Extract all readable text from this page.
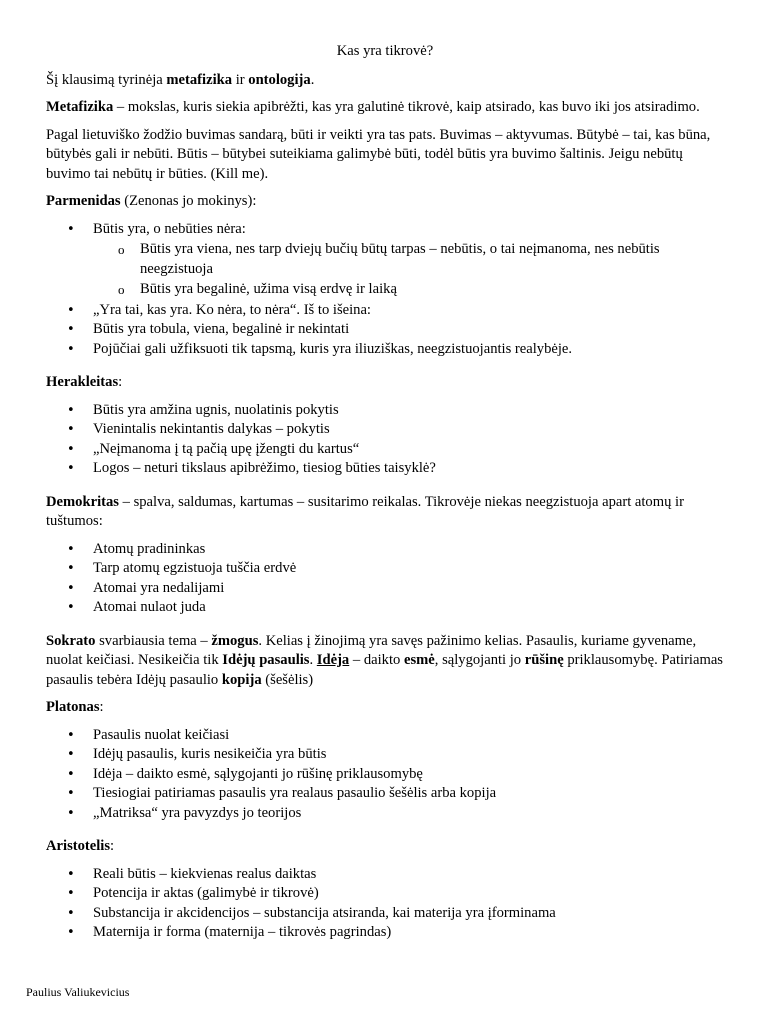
Kas yra tikrovė?

Šį klausimą tyrinėja metafizika ir ontologija.

Metafizika – mokslas, kuris siekia apibrėžti, kas yra galutinė tikrovė, kaip atsirado, kas buvo iki jos atsiradimo.

Pagal lietuviško žodžio buvimas sandarą, būti ir veikti yra tas pats. Buvimas – aktyvumas. Būtybė – tai, kas būna, būtybės gali ir nebūti. Būtis – būtybei suteikiama galimybė būti, todėl būtis yra buvimo šaltinis. Jeigu nebūtų buvimo tai nebūtų ir būties. (Kill me).

Parmenidas (Zenonas jo mokinys):

• Būtis yra, o nebūties nėra:
o Būtis yra viena, nes tarp dviejų bučių būtų tarpas – nebūtis, o tai neįmanoma, nes nebūtis neegzistuoja
o Būtis yra begalinė, užima visą erdvę ir laiką
• „Yra tai, kas yra. Ko nėra, to nėra“. Iš to išeina:
• Būtis yra tobula, viena, begalinė ir nekintati
• Pojūčiai gali užfiksuoti tik tapsmą, kuris yra iliuziškas, neegzistuojantis realybėje.

Herakleitas:

• Būtis yra amžina ugnis, nuolatinis pokytis
• Vienintalis nekintantis dalykas – pokytis
• „Neįmanoma į tą pačią upę įžengti du kartus“
• Logos – neturi tikslaus apibrėžimo, tiesiog būties taisyklė?

Demokritas – spalva, saldumas, kartumas – susitarimo reikalas. Tikrovėje niekas neegzistuoja apart atomų ir tuštumos:

• Atomų pradininkas
• Tarp atomų egzistuoja tuščia erdvė
• Atomai yra nedalijami
• Atomai nulaot juda

Sokrato svarbiausia tema – žmogus. Kelias į žinojimą yra savęs pažinimo kelias. Pasaulis, kuriame gyvename, nuolat keičiasi. Nesikeičia tik Idėjų pasaulis. Idėja – daikto esmė, sąlygojanti jo rūšinę priklausomybę. Patiriamas pasaulis tebėra Idėjų pasaulio kopija (šešėlis)

Platonas:

• Pasaulis nuolat keičiasi
• Idėjų pasaulis, kuris nesikeičia yra būtis
• Idėja – daikto esmė, sąlygojanti jo rūšinę priklausomybę
• Tiesiogiai patiriamas pasaulis yra realaus pasaulio šešėlis arba kopija
• „Matriksa“ yra pavyzdys jo teorijos

Aristotelis:

• Reali būtis – kiekvienas realus daiktas
• Potencija ir aktas (galimybė ir tikrovė)
• Substancija ir akcidencijos – substancija atsiranda, kai materija yra įforminama
• Maternija ir forma (maternija – tikrovės pagrindas)
Paulius Valiukevicius
